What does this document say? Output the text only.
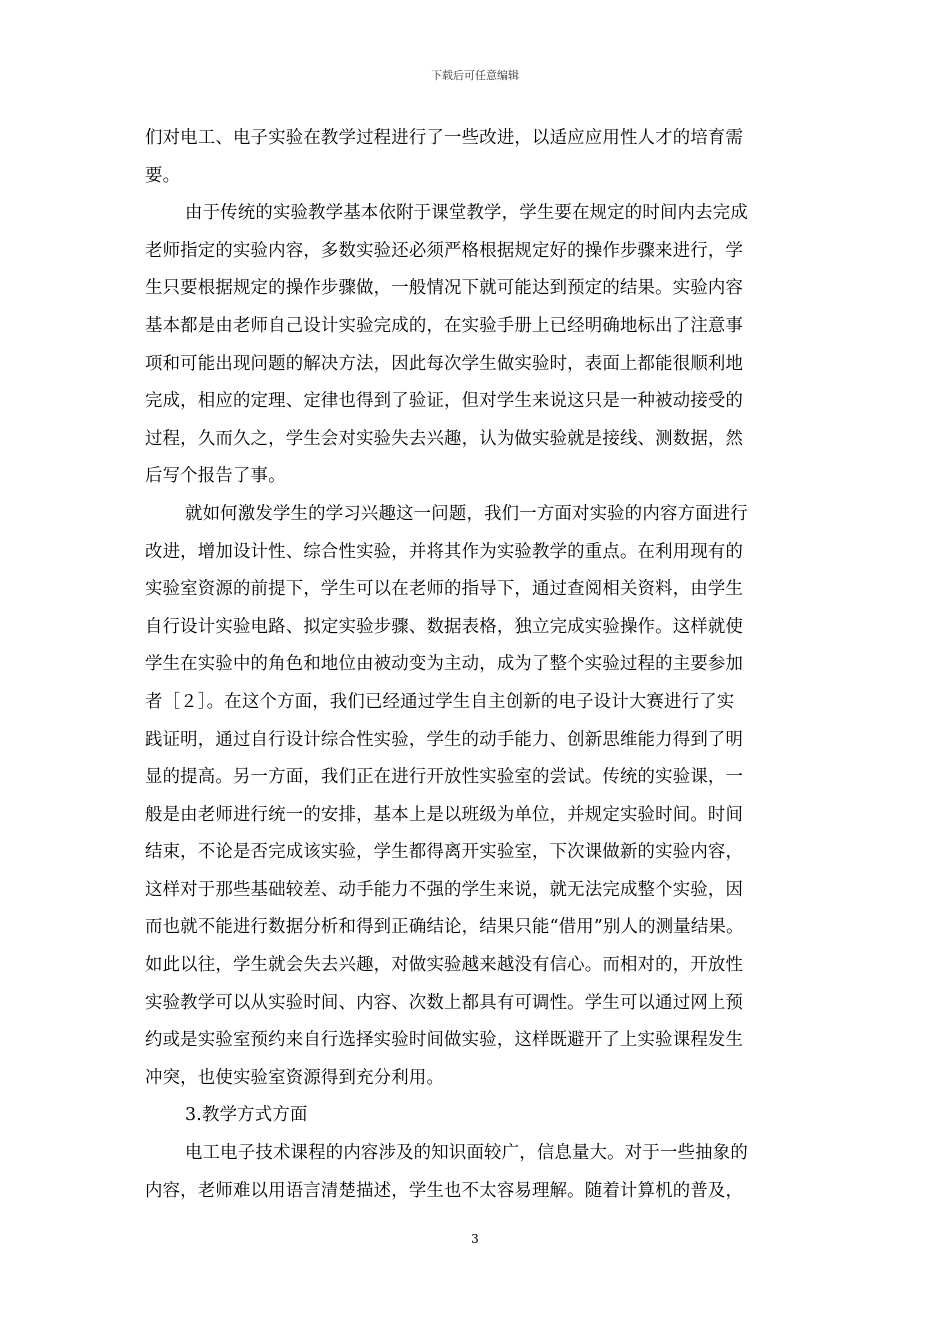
下载后可任意编辑
们对电工、电子实验在教学过程进行了一些改进，以适应应用性人才的培育需
要。
由于传统的实验教学基本依附于课堂教学，学生要在规定的时间内去完成
老师指定的实验内容，多数实验还必须严格根据规定好的操作步骤来进行，学
生只要根据规定的操作步骤做，一般情况下就可能达到预定的结果。实验内容
基本都是由老师自己设计实验完成的，在实验手册上已经明确地标出了注意事
项和可能出现问题的解决方法，因此每次学生做实验时，表面上都能很顺利地
完成，相应的定理、定律也得到了验证，但对学生来说这只是一种被动接受的
过程，久而久之，学生会对实验失去兴趣，认为做实验就是接线、测数据，然
后写个报告了事。
就如何激发学生的学习兴趣这一问题，我们一方面对实验的内容方面进行
改进，增加设计性、综合性实验，并将其作为实验教学的重点。在利用现有的
实验室资源的前提下，学生可以在老师的指导下，通过查阅相关资料，由学生
自行设计实验电路、拟定实验步骤、数据表格，独立完成实验操作。这样就使
学生在实验中的角色和地位由被动变为主动，成为了整个实验过程的主要参加
者［２］。在这个方面，我们已经通过学生自主创新的电子设计大赛进行了实
践证明，通过自行设计综合性实验，学生的动手能力、创新思维能力得到了明
显的提高。另一方面，我们正在进行开放性实验室的尝试。传统的实验课，一
般是由老师进行统一的安排，基本上是以班级为单位，并规定实验时间。时间
结束，不论是否完成该实验，学生都得离开实验室，下次课做新的实验内容，
这样对于那些基础较差、动手能力不强的学生来说，就无法完成整个实验，因
而也就不能进行数据分析和得到正确结论，结果只能“借用”别人的测量结果。
如此以往，学生就会失去兴趣，对做实验越来越没有信心。而相对的，开放性
实验教学可以从实验时间、内容、次数上都具有可调性。学生可以通过网上预
约或是实验室预约来自行选择实验时间做实验，这样既避开了上实验课程发生
冲突，也使实验室资源得到充分利用。
3.教学方式方面
电工电子技术课程的内容涉及的知识面较广，信息量大。对于一些抽象的
内容，老师难以用语言清楚描述，学生也不太容易理解。随着计算机的普及，
3
